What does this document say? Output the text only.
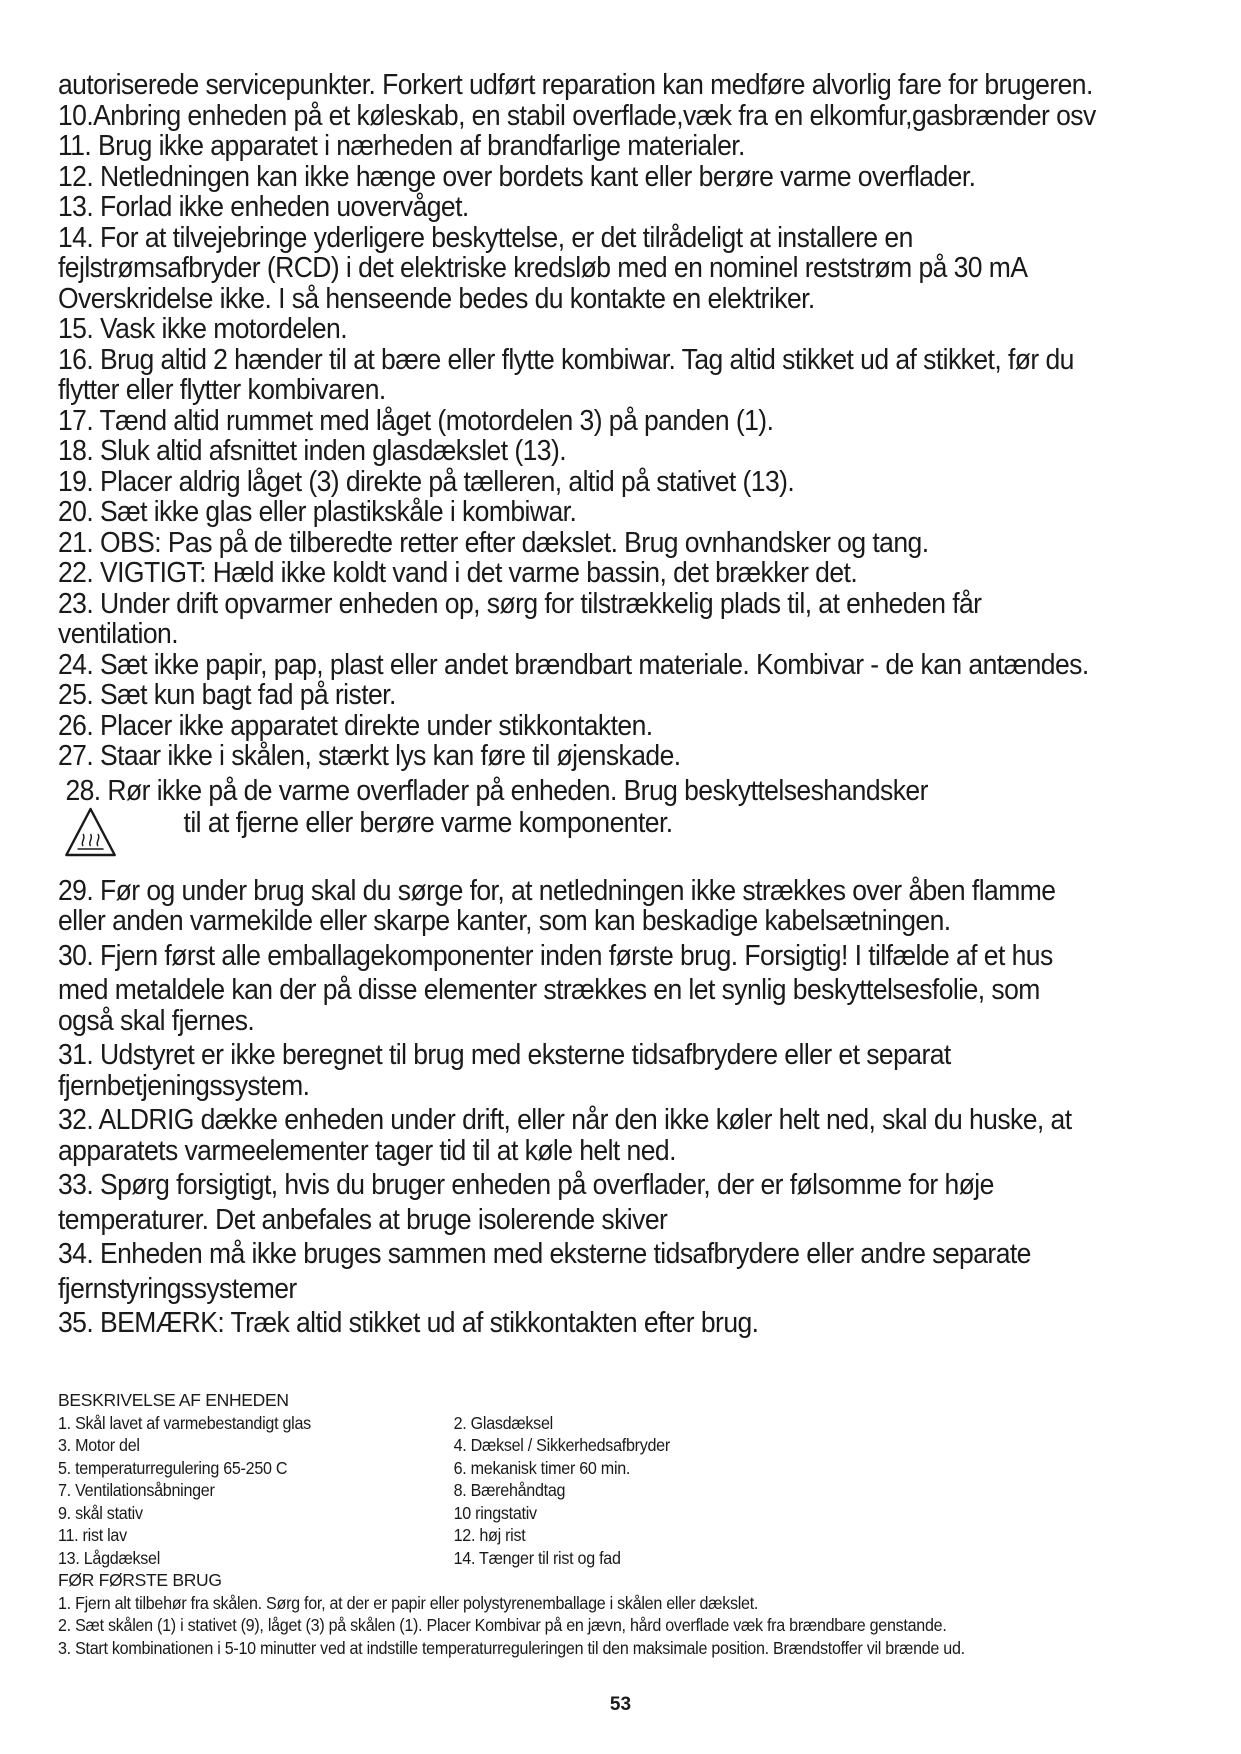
autoriserede servicepunkter. Forkert udført reparation kan medføre alvorlig fare for brugeren.

10.Anbring enheden på et køleskab, en stabil overflade,væk fra en elkomfur,gasbrænder osv

11. Brug ikke apparatet i nærheden af brandfarlige materialer.

12. Netledningen kan ikke hænge over bordets kant eller berøre varme overflader.

13. Forlad ikke enheden uovervåget.

14. For at tilvejebringe yderligere beskyttelse, er det tilrådeligt at installere en

fejlstrømsafbryder (RCD) i det elektriske kredsløb med en nominel reststrøm på 30 mA

Overskridelse ikke. I så henseende bedes du kontakte en elektriker.

15. Vask ikke motordelen.

16. Brug altid 2 hænder til at bære eller flytte kombiwar. Tag altid stikket ud af stikket, før du

flytter eller flytter kombivaren.

17. Tænd altid rummet med låget (motordelen 3) på panden (1).

18. Sluk altid afsnittet inden glasdækslet (13).

19. Placer aldrig låget (3) direkte på tælleren, altid på stativet (13).

20. Sæt ikke glas eller plastikskåle i kombiwar.

21. OBS: Pas på de tilberedte retter efter dækslet. Brug ovnhandsker og tang.

22. VIGTIGT: Hæld ikke koldt vand i det varme bassin, det brækker det.

23. Under drift opvarmer enheden op, sørg for tilstrækkelig plads til, at enheden får

ventilation.

24. Sæt ikke papir, pap, plast eller andet brændbart materiale. Kombivar - de kan antændes.

25. Sæt kun bagt fad på rister.

26. Placer ikke apparatet direkte under stikkontakten.

27. Staar ikke i skålen, stærkt lys kan føre til øjenskade.

28. Rør ikke på de varme overflader på enheden. Brug beskyttelseshandsker
til at fjerne eller berøre varme komponenter.

29. Før og under brug skal du sørge for, at netledningen ikke strækkes over åben flamme

eller anden varmekilde eller skarpe kanter, som kan beskadige kabelsætningen.

30. Fjern først alle emballagekomponenter inden første brug. Forsigtig! I tilfælde af et hus

med metaldele kan der på disse elementer strækkes en let synlig beskyttelsesfolie, som

også skal fjernes.

31. Udstyret er ikke beregnet til brug med eksterne tidsafbrydere eller et separat

fjernbetjeningssystem.

32. ALDRIG dække enheden under drift, eller når den ikke køler helt ned, skal du huske, at

apparatets varmeelementer tager tid til at køle helt ned.

33. Spørg forsigtigt, hvis du bruger enheden på overflader, der er følsomme for høje

temperaturer. Det anbefales at bruge isolerende skiver

34. Enheden må ikke bruges sammen med eksterne tidsafbrydere eller andre separate

fjernstyringssystemer

35. BEMÆRK: Træk altid stikket ud af stikkontakten efter brug.

BESKRIVELSE AF ENHEDEN
1. Skål lavet af varmebestandigt glas	2. Glasdæksel
3. Motor del	4. Dæksel / Sikkerhedsafbryder
5. temperaturregulering 65-250 C	6. mekanisk timer 60 min.
7. Ventilationsåbninger	8. Bærehåndtag
9. skål stativ	10 ringstativ
11. rist lav	12. høj rist
13. Lågdæksel	14. Tænger til rist og fad
FØR FØRSTE BRUG
1. Fjern alt tilbehør fra skålen. Sørg for, at der er papir eller polystyrenemballage i skålen eller dækslet.
2. Sæt skålen (1) i stativet (9), låget (3) på skålen (1). Placer Kombivar på en jævn, hård overflade væk fra brændbare genstande.
3. Start kombinationen i 5-10 minutter ved at indstille temperaturreguleringen til den maksimale position. Brændstoffer vil brænde ud.
53
